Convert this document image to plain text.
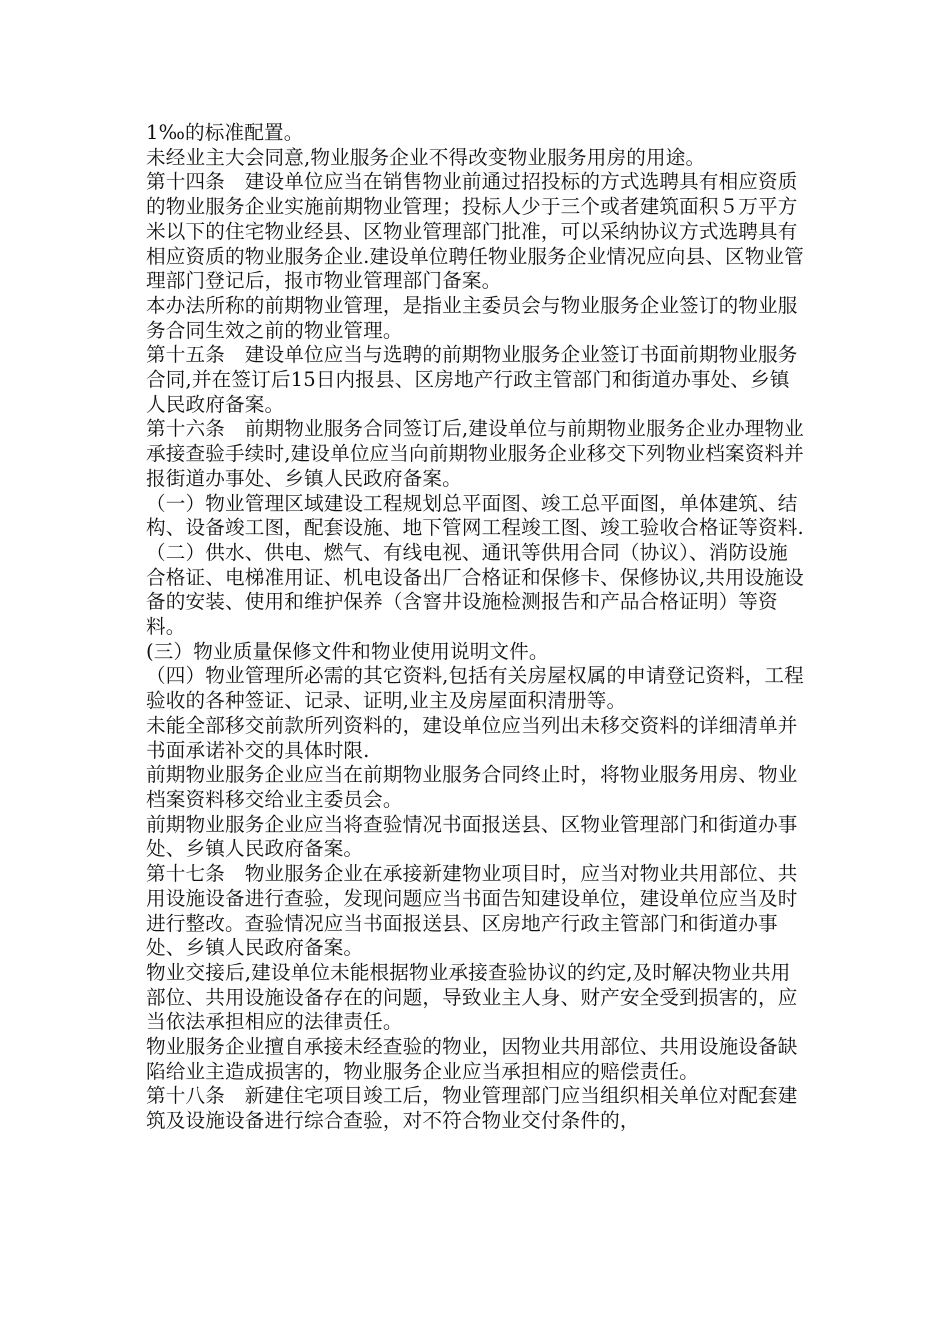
1‰的标准配置。

未经业主大会同意,物业服务企业不得改变物业服务用房的用途。

第十四条　建设单位应当在销售物业前通过招投标的方式选聘具有相应资质的物业服务企业实施前期物业管理；投标人少于三个或者建筑面积５万平方米以下的住宅物业经县、区物业管理部门批准，可以采纳协议方式选聘具有相应资质的物业服务企业.建设单位聘任物业服务企业情况应向县、区物业管理部门登记后，报市物业管理部门备案。

本办法所称的前期物业管理，是指业主委员会与物业服务企业签订的物业服务合同生效之前的物业管理。

第十五条　建设单位应当与选聘的前期物业服务企业签订书面前期物业服务合同,并在签订后15日内报县、区房地产行政主管部门和街道办事处、乡镇人民政府备案。

第十六条　前期物业服务合同签订后,建设单位与前期物业服务企业办理物业承接查验手续时,建设单位应当向前期物业服务企业移交下列物业档案资料并报街道办事处、乡镇人民政府备案。

（一）物业管理区域建设工程规划总平面图、竣工总平面图，单体建筑、结构、设备竣工图，配套设施、地下管网工程竣工图、竣工验收合格证等资料.

（二）供水、供电、燃气、有线电视、通讯等供用合同（协议）、消防设施合格证、电梯准用证、机电设备出厂合格证和保修卡、保修协议,共用设施设备的安装、使用和维护保养（含窨井设施检测报告和产品合格证明）等资料。

(三）物业质量保修文件和物业使用说明文件。

（四）物业管理所必需的其它资料,包括有关房屋权属的申请登记资料，工程验收的各种签证、记录、证明,业主及房屋面积清册等。

未能全部移交前款所列资料的，建设单位应当列出未移交资料的详细清单并书面承诺补交的具体时限.

前期物业服务企业应当在前期物业服务合同终止时，将物业服务用房、物业档案资料移交给业主委员会。

前期物业服务企业应当将查验情况书面报送县、区物业管理部门和街道办事处、乡镇人民政府备案。

第十七条　物业服务企业在承接新建物业项目时，应当对物业共用部位、共用设施设备进行查验，发现问题应当书面告知建设单位，建设单位应当及时进行整改。查验情况应当书面报送县、区房地产行政主管部门和街道办事处、乡镇人民政府备案。

物业交接后,建设单位未能根据物业承接查验协议的约定,及时解决物业共用部位、共用设施设备存在的问题，导致业主人身、财产安全受到损害的，应当依法承担相应的法律责任。

物业服务企业擅自承接未经查验的物业，因物业共用部位、共用设施设备缺陷给业主造成损害的，物业服务企业应当承担相应的赔偿责任。

第十八条　新建住宅项目竣工后，物业管理部门应当组织相关单位对配套建筑及设施设备进行综合查验，对不符合物业交付条件的，
